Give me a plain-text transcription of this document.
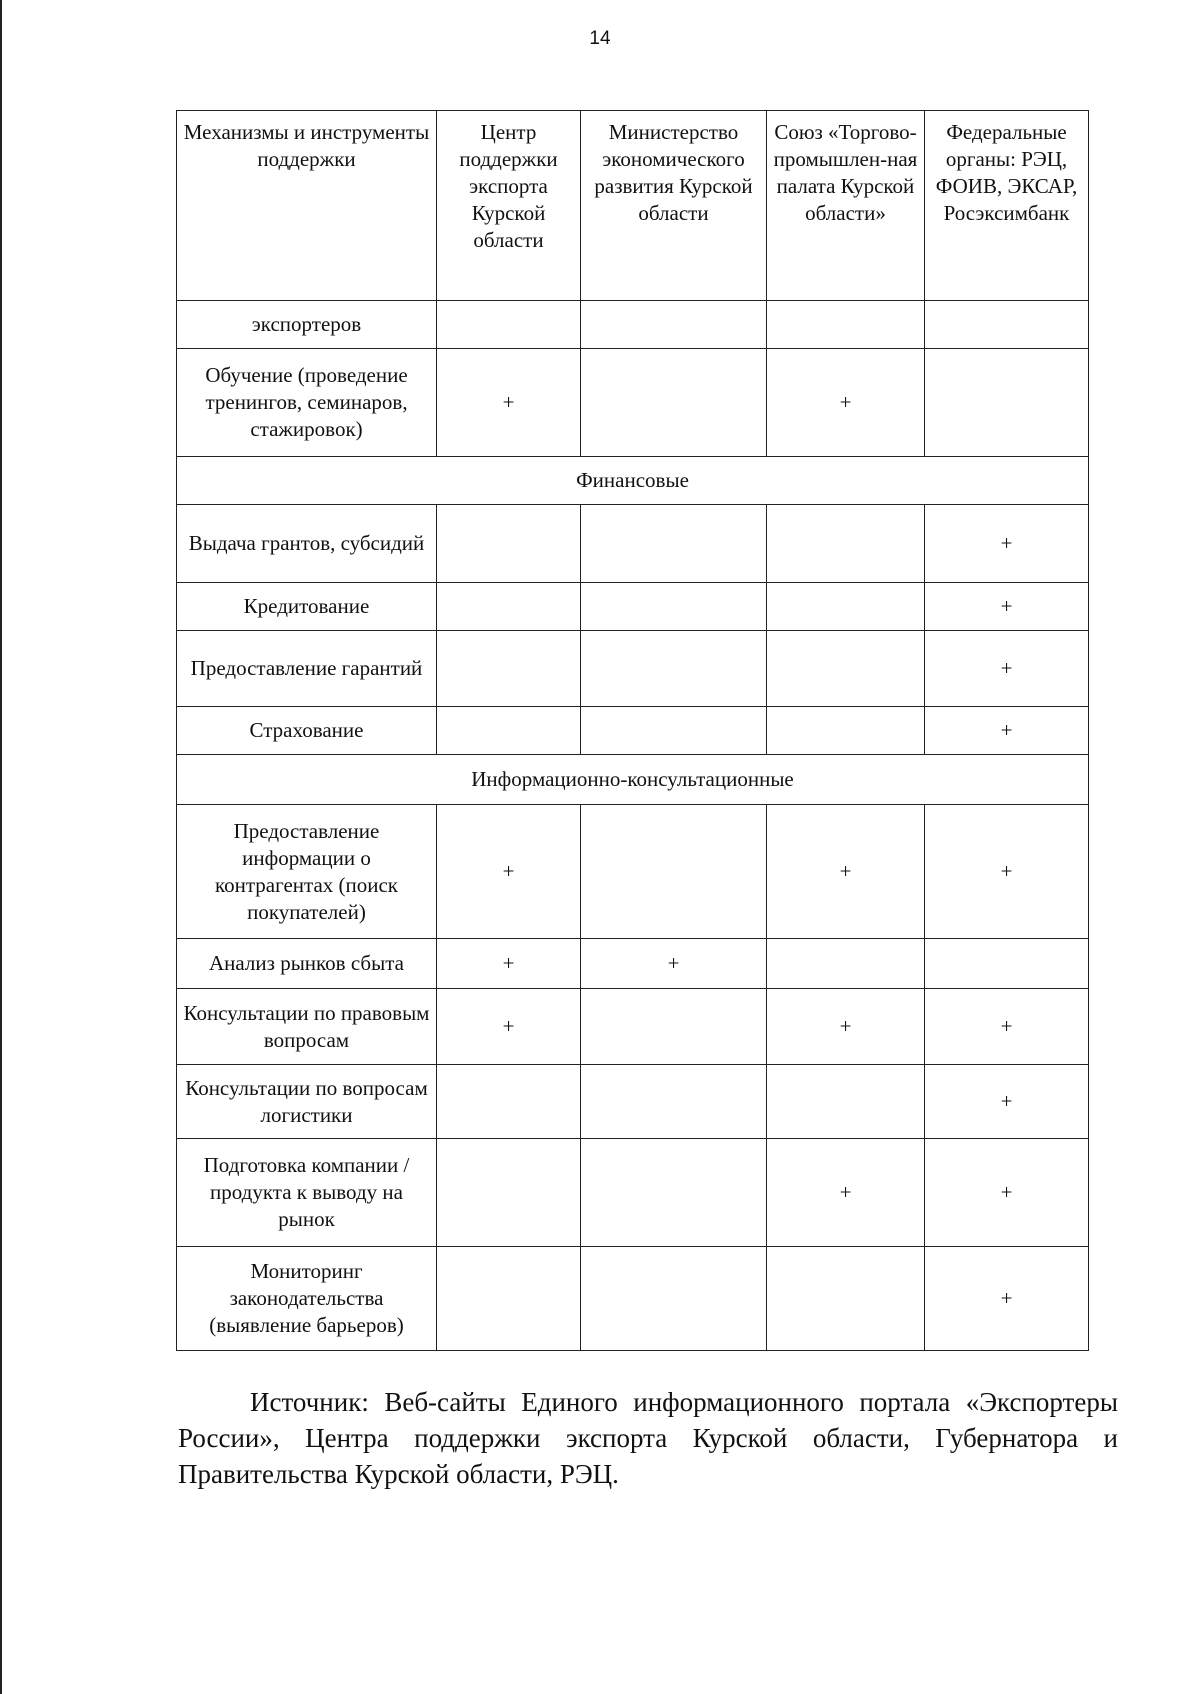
14
Механизмы и инструменты поддержки	Центр поддержки экспорта Курской области	Министерство экономического развития Курской области	Союз «Торгово-промышлен-ная палата Курской области»	Федеральные органы: РЭЦ, ФОИВ, ЭКСАР, Росэксимбанк
экспортеров				
Обучение (проведение тренингов, семинаров, стажировок)	+		+	
Финансовые				
Выдача грантов, субсидий				+
Кредитование				+
Предоставление гарантий				+
Страхование				+
Информационно-консультационные				
Предоставление информации о контрагентах (поиск покупателей)	+		+	+
Анализ рынков сбыта	+	+		
Консультации по правовым вопросам	+		+	+
Консультации по вопросам логистики				+
Подготовка компании / продукта к выводу на рынок			+	+
Мониторинг законодательства (выявление барьеров)				+
Источник: Веб-сайты Единого информационного портала «Экспортеры России», Центра поддержки экспорта Курской области, Губернатора и Правительства Курской области, РЭЦ.
